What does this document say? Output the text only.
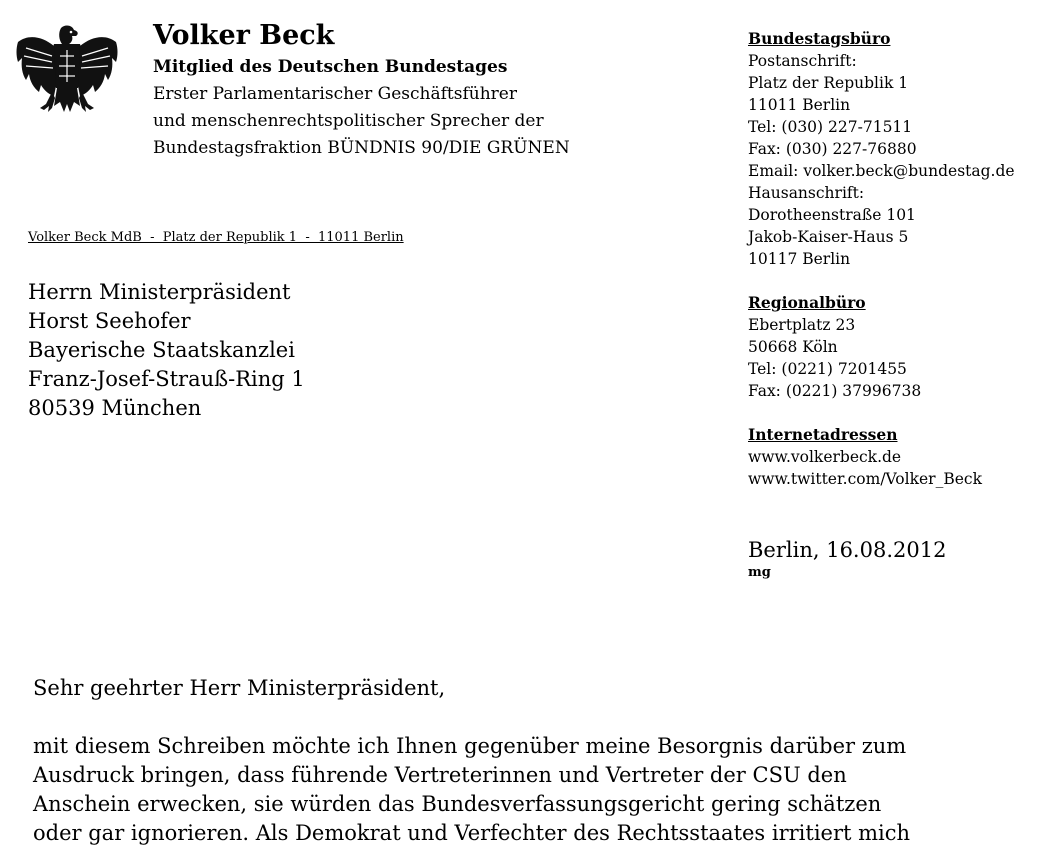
Volker Beck
Mitglied des Deutschen Bundestages
Erster Parlamentarischer Geschäftsführer
und menschenrechtspolitischer Sprecher der
Bundestagsfraktion BÜNDNIS 90/DIE GRÜNEN
Volker Beck MdB  -  Platz der Republik 1  -  11011 Berlin
Herrn Ministerpräsident
Horst Seehofer
Bayerische Staatskanzlei
Franz-Josef-Strauß-Ring 1
80539 München
Bundestagsbüro
Postanschrift:
Platz der Republik 1
11011 Berlin
Tel: (030) 227-71511
Fax: (030) 227-76880
Email: volker.beck@bundestag.de
Hausanschrift:
Dorotheenstraße 101
Jakob-Kaiser-Haus 5
10117 Berlin
Regionalbüro
Ebertplatz 23
50668 Köln
Tel: (0221) 7201455
Fax: (0221) 37996738
Internetadressen
www.volkerbeck.de
www.twitter.com/Volker_Beck
Berlin, 16.08.2012
mg
Sehr geehrter Herr Ministerpräsident,
mit diesem Schreiben möchte ich Ihnen gegenüber meine Besorgnis darüber zum
Ausdruck bringen, dass führende Vertreterinnen und Vertreter der CSU den
Anschein erwecken, sie würden das Bundesverfassungsgericht gering schätzen
oder gar ignorieren. Als Demokrat und Verfechter des Rechtsstaates irritiert mich
